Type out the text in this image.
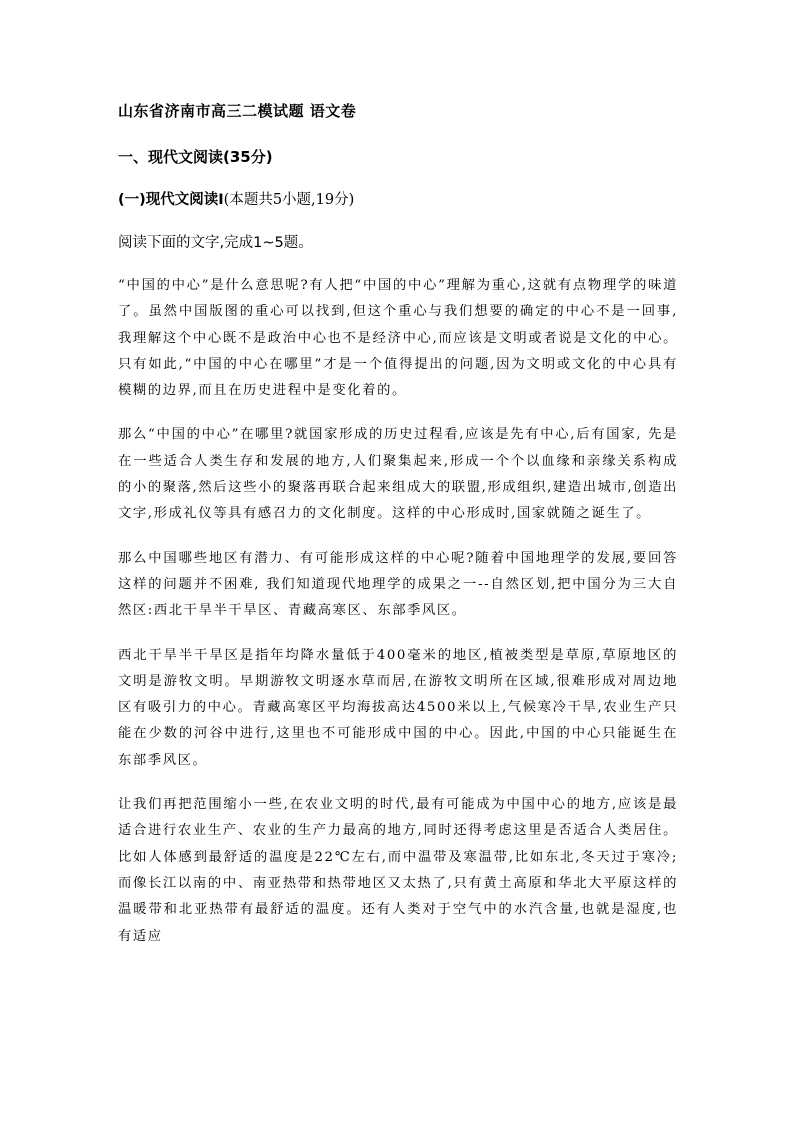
山东省济南市高三二模试题 语文卷
一、现代文阅读(35分)
(一)现代文阅读Ⅰ(本题共5小题,19分)
阅读下面的文字,完成1~5题。

“中国的中心”是什么意思呢?有人把“中国的中心”理解为重心,这就有点物理学的味道了。虽然中国版图的重心可以找到,但这个重心与我们想要的确定的中心不是一回事,我理解这个中心既不是政治中心也不是经济中心,而应该是文明或者说是文化的中心。只有如此,“中国的中心在哪里”才是一个值得提出的问题,因为文明或文化的中心具有模糊的边界,而且在历史进程中是变化着的。

那么“中国的中心”在哪里?就国家形成的历史过程看,应该是先有中心,后有国家, 先是在一些适合人类生存和发展的地方,人们聚集起来,形成一个个以血缘和亲缘关系构成的小的聚落,然后这些小的聚落再联合起来组成大的联盟,形成组织,建造出城市,创造出文字,形成礼仪等具有感召力的文化制度。这样的中心形成时,国家就随之诞生了。

那么中国哪些地区有潜力、有可能形成这样的中心呢?随着中国地理学的发展,要回答这样的问题并不困难, 我们知道现代地理学的成果之一--自然区划,把中国分为三大自然区:西北干旱半干旱区、青藏高寒区、东部季风区。

西北干旱半干旱区是指年均降水量低于400毫米的地区,植被类型是草原,草原地区的文明是游牧文明。早期游牧文明逐水草而居,在游牧文明所在区域,很难形成对周边地区有吸引力的中心。青藏高寒区平均海拔高达4500米以上,气候寒冷干旱,农业生产只能在少数的河谷中进行,这里也不可能形成中国的中心。因此,中国的中心只能诞生在东部季风区。

让我们再把范围缩小一些,在农业文明的时代,最有可能成为中国中心的地方,应该是最适合进行农业生产、农业的生产力最高的地方,同时还得考虑这里是否适合人类居住。比如人体感到最舒适的温度是22℃左右,而中温带及寒温带,比如东北,冬天过于寒冷;而像长江以南的中、南亚热带和热带地区又太热了,只有黄土高原和华北大平原这样的温暖带和北亚热带有最舒适的温度。还有人类对于空气中的水汽含量,也就是湿度,也有适应
